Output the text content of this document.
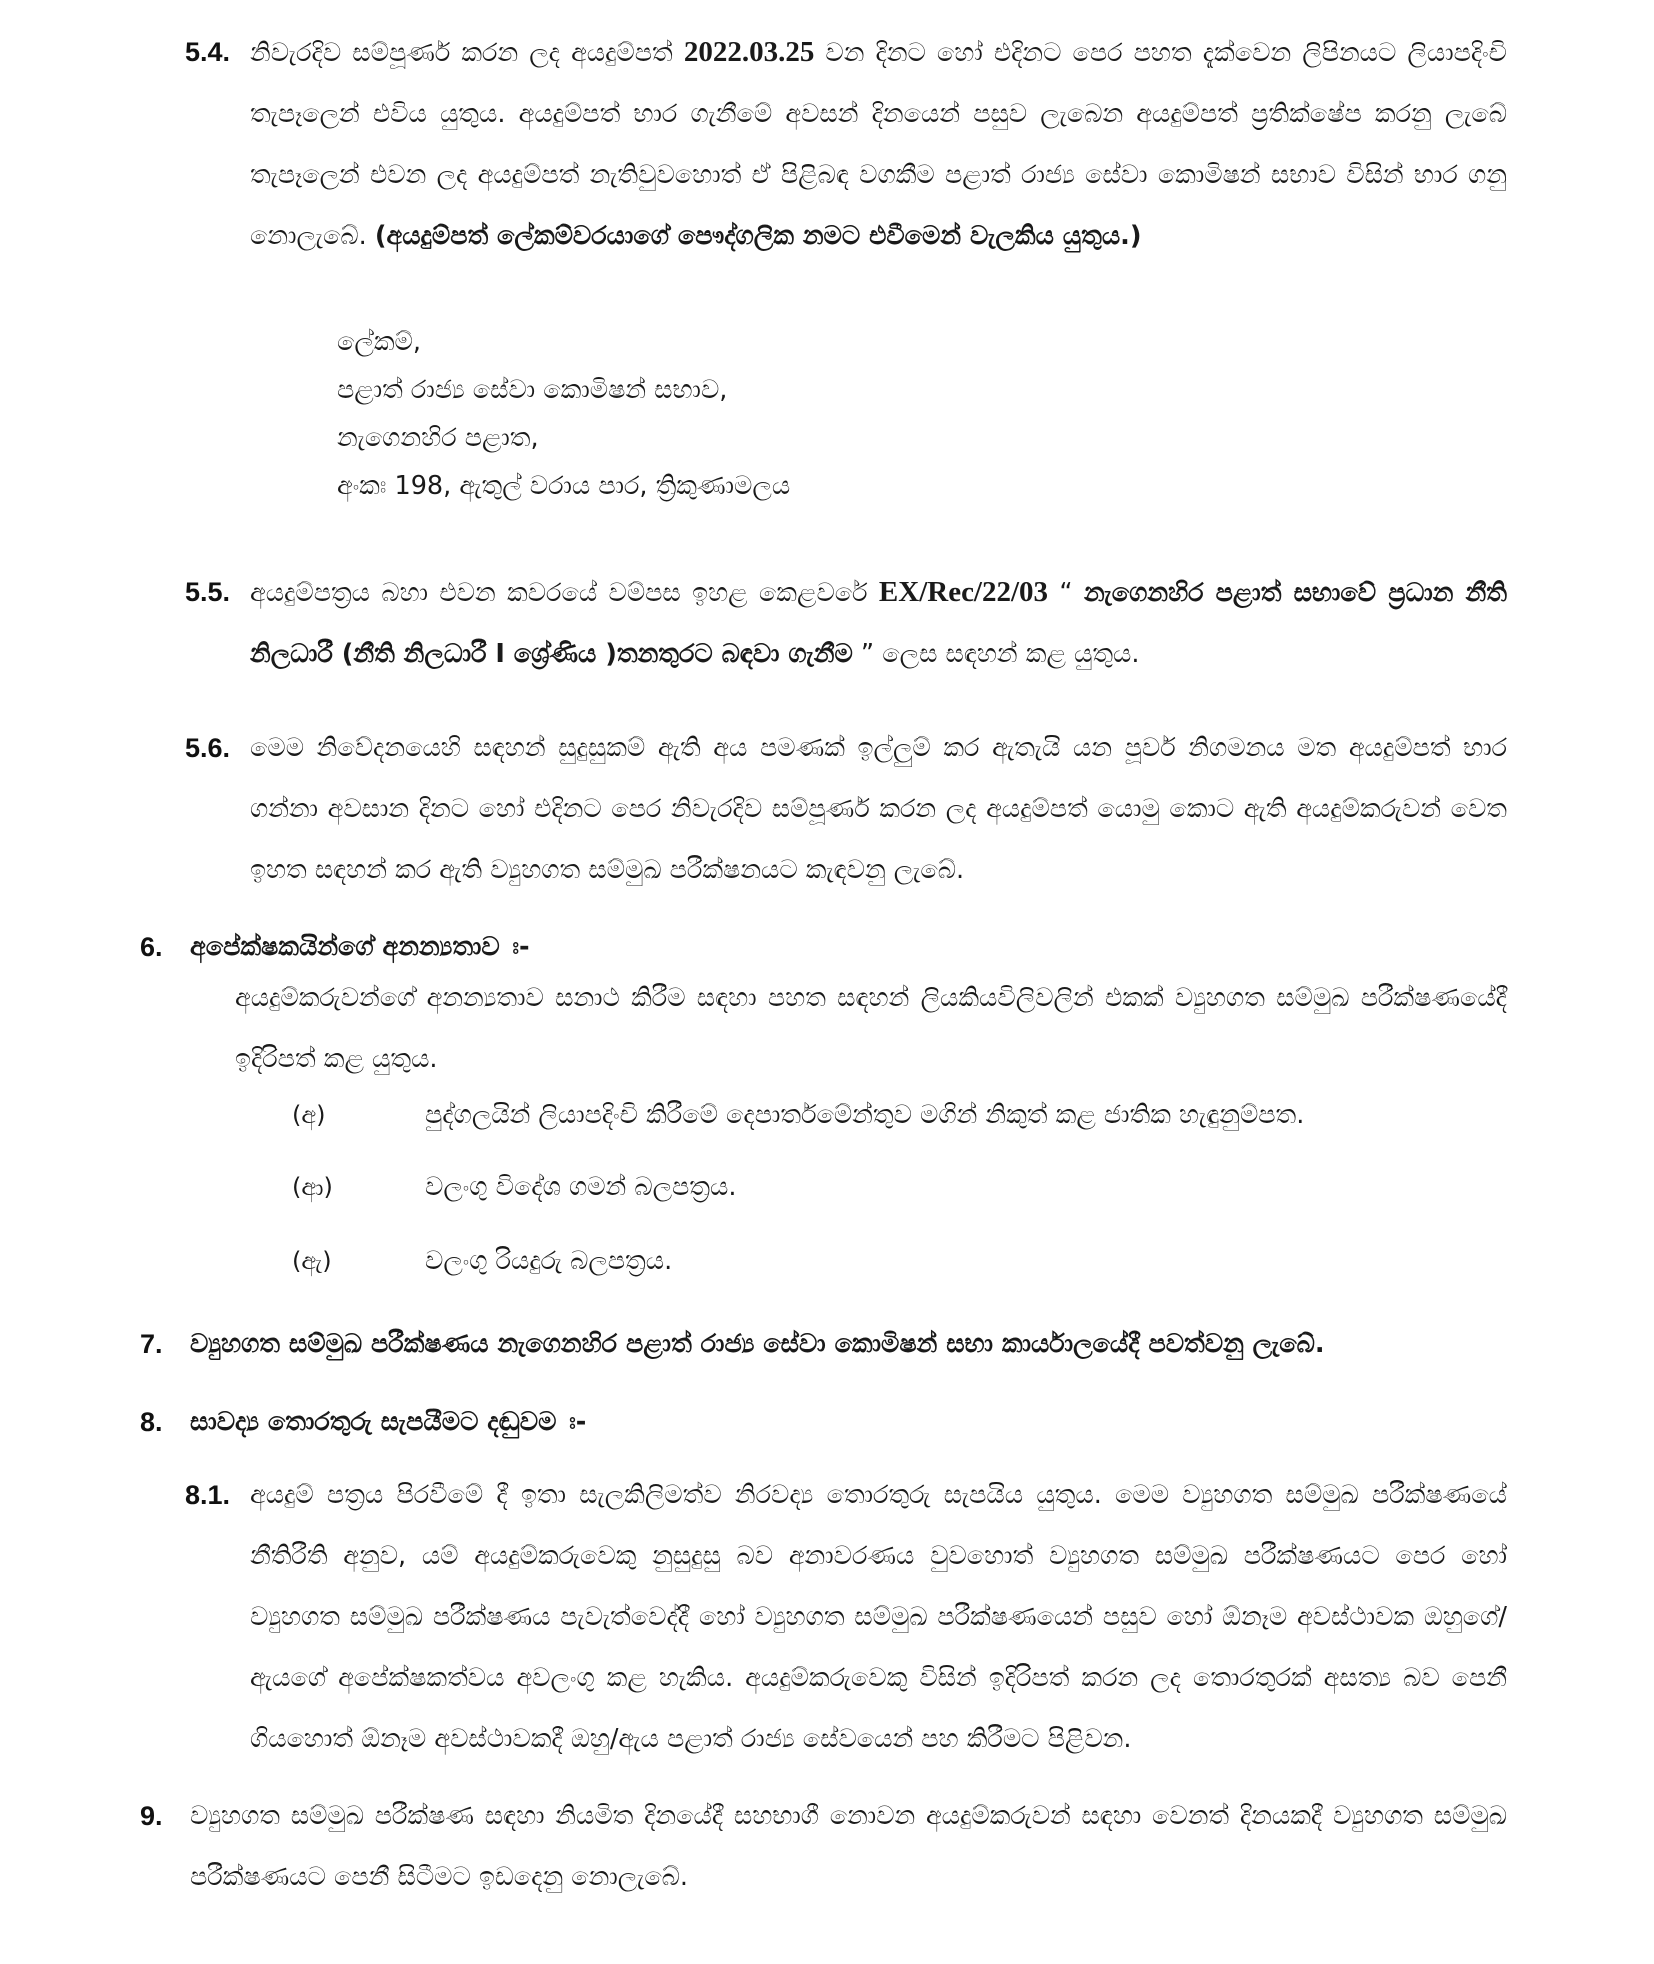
5.4. නිවැරදිව සම්පූර්ණ කරන ලද අයදුම්පත් 2022.03.25 වන දිනට හෝ එදිනට පෙර පහත දැක්වෙන ලිපිනයට ලියාපදිංචි තැපෑලෙන් එවිය යුතුය. අයදුම්පත් භාර ගැනීමේ අවසන් දිනයෙන් පසුව ලැබෙන අයදුම්පත් ප්‍රතික්ෂේප කරනු ලැබේ තැපෑලෙන් එවන ලද අයදුම්පත් නැතිවුවහොත් ඒ පිළිබඳ වගකීම පළාත් රාජ්‍ය සේවා කොමිෂන් සභාව විසින් භාර ගනු නොලැබේ. (අයදුම්පත් ලේකම්වරයාගේ පෞද්ගලික නමට එවීමෙන් වැලකිය යුතුය.)
ලේකම්,
පළාත් රාජ්‍ය සේවා කොමිෂන් සභාව,
නැගෙනහිර පළාත,
අංකඃ 198, ඇතුල් වරාය පාර, ත්‍රිකුණාමලය
5.5. අයදුම්පත්‍රය බහා එවන කවරයේ වම්පස ඉහළ කෙළවරේ EX/Rec/22/03 “ නැගෙනහිර පළාත් සභාවේ ප්‍රධාන නීති නිලධාරී (නීති නිලධාරී I ශ්‍රේණිය )තනතුරට බඳවා ගැනීම ” ලෙස සඳහන් කළ යුතුය.
5.6. මෙම නිවේදනයෙහි සඳහන් සුදුසුකම් ඇති අය පමණක් ඉල්ලුම් කර ඇතැයි යන පූර්ව නිගමනය මත අයදුම්පත් භාර ගන්නා අවසාන දිනට හෝ එදිනට පෙර නිවැරදිව සම්පූර්ණ කරන ලද අයදුම්පත් යොමු කොට ඇති අයදුම්කරුවන් වෙත ඉහත සඳහන් කර ඇති ව්‍යුහගත සම්මුඛ පරීක්ෂනයට කැඳවනු ලැබේ.
6. අපේක්ෂකයින්ගේ අනන්‍යතාව ඃ-
අයදුම්කරුවන්ගේ අනන්‍යතාව සනාථ කිරීම සඳහා පහත සඳහන් ලියකියවිලිවලින් එකක් ව්‍යුහගත සම්මුඛ පරීක්ෂණයේදී ඉදිරිපත් කළ යුතුය.
(අ)	පුද්ගලයින් ලියාපදිංචි කිරීමේ දෙපාර්තමේන්තුව මගින් නිකුත් කළ ජාතික හැඳුනුම්පත.
(ආ)	වලංගු විදේශ ගමන් බලපත්‍රය.
(ඇ)	වලංගු රියදුරු බලපත්‍රය.
7. ව්‍යුහගත සම්මුඛ පරීක්ෂණය නැගෙනහිර පළාත් රාජ්‍ය සේවා කොමිෂන් සභා කාර්යාලයේදී පවත්වනු ලැබේ.
8. සාවද්‍ය තොරතුරු සැපයීමට දඬුවම ඃ-
8.1. අයදුම් පත්‍රය පිරවීමේ දී ඉතා සැලකිලිමත්ව නිරවද්‍ය තොරතුරු සැපයිය යුතුය. මෙම ව්‍යුහගත සම්මුඛ පරීක්ෂණයේ නීතිරීති අනුව, යම් අයදුම්කරුවෙකු නුසුදුසු බව අනාවරණය වුවහොත් ව්‍යුහගත සම්මුඛ පරීක්ෂණයට පෙර හෝ ව්‍යුහගත සම්මුඛ පරීක්ෂණය පැවැත්වෙද්දී හෝ ව්‍යුහගත සම්මුඛ පරීක්ෂණයෙන් පසුව හෝ ඕනෑම අවස්ථාවක ඔහුගේ/ඇයගේ අපේක්ෂකත්වය අවලංගු කළ හැකිය. අයදුම්කරුවෙකු විසින් ඉදිරිපත් කරන ලද තොරතුරක් අසත්‍ය බව පෙනී ගියහොත් ඕනෑම අවස්ථාවකදී ඔහු/ඇය පළාත් රාජ්‍ය සේවයෙන් පහ කිරීමට පිළිවන.
9. ව්‍යුහගත සම්මුඛ පරීක්ෂණ සඳහා නියමිත දිනයේදී සහභාගී නොවන අයදුම්කරුවන් සඳහා වෙනත් දිනයකදී ව්‍යුහගත සම්මුඛ පරීක්ෂණයට පෙනී සිටීමට ඉඩදෙනු නොලැබේ.
